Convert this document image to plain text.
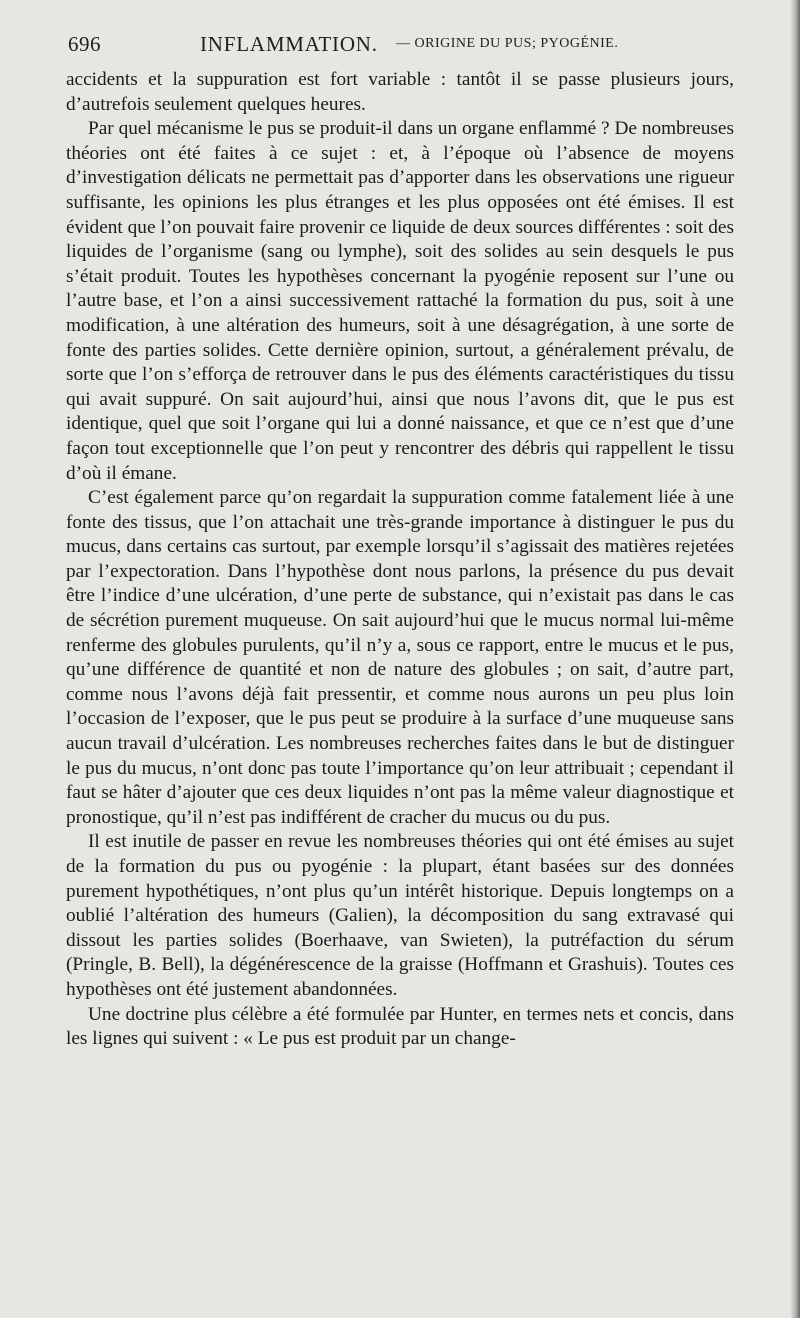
696	INFLAMMATION. — ORIGINE DU PUS; PYOGÉNIE.

accidents et la suppuration est fort variable : tantôt il se passe plusieurs jours, d’autrefois seulement quelques heures.

Par quel mécanisme le pus se produit-il dans un organe enflammé ? De nombreuses théories ont été faites à ce sujet : et, à l’époque où l’absence de moyens d’investigation délicats ne permettait pas d’apporter dans les observations une rigueur suffisante, les opinions les plus étranges et les plus opposées ont été émises. Il est évident que l’on pouvait faire provenir ce liquide de deux sources différentes : soit des liquides de l’organisme (sang ou lymphe), soit des solides au sein desquels le pus s’était produit. Toutes les hypothèses concernant la pyogénie reposent sur l’une ou l’autre base, et l’on a ainsi successivement rattaché la formation du pus, soit à une modification, à une altération des humeurs, soit à une désagrégation, à une sorte de fonte des parties solides. Cette dernière opinion, surtout, a généralement prévalu, de sorte que l’on s’efforça de retrouver dans le pus des éléments caractéristiques du tissu qui avait suppuré. On sait aujourd’hui, ainsi que nous l’avons dit, que le pus est identique, quel que soit l’organe qui lui a donné naissance, et que ce n’est que d’une façon tout exceptionnelle que l’on peut y rencontrer des débris qui rappellent le tissu d’où il émane.

C’est également parce qu’on regardait la suppuration comme fatalement liée à une fonte des tissus, que l’on attachait une très-grande importance à distinguer le pus du mucus, dans certains cas surtout, par exemple lorsqu’il s’agissait des matières rejetées par l’expectoration. Dans l’hypothèse dont nous parlons, la présence du pus devait être l’indice d’une ulcération, d’une perte de substance, qui n’existait pas dans le cas de sécrétion purement muqueuse. On sait aujourd’hui que le mucus normal lui-même renferme des globules purulents, qu’il n’y a, sous ce rapport, entre le mucus et le pus, qu’une différence de quantité et non de nature des globules ; on sait, d’autre part, comme nous l’avons déjà fait pressentir, et comme nous aurons un peu plus loin l’occasion de l’exposer, que le pus peut se produire à la surface d’une muqueuse sans aucun travail d’ulcération. Les nombreuses recherches faites dans le but de distinguer le pus du mucus, n’ont donc pas toute l’importance qu’on leur attribuait ; cependant il faut se hâter d’ajouter que ces deux liquides n’ont pas la même valeur diagnostique et pronostique, qu’il n’est pas indifférent de cracher du mucus ou du pus.

Il est inutile de passer en revue les nombreuses théories qui ont été émises au sujet de la formation du pus ou pyogénie : la plupart, étant basées sur des données purement hypothétiques, n’ont plus qu’un intérêt historique. Depuis longtemps on a oublié l’altération des humeurs (Galien), la décomposition du sang extravasé qui dissout les parties solides (Boerhaave, van Swieten), la putréfaction du sérum (Pringle, B. Bell), la dégénérescence de la graisse (Hoffmann et Grashuis). Toutes ces hypothèses ont été justement abandonnées.

Une doctrine plus célèbre a été formulée par Hunter, en termes nets et concis, dans les lignes qui suivent : « Le pus est produit par un change-
